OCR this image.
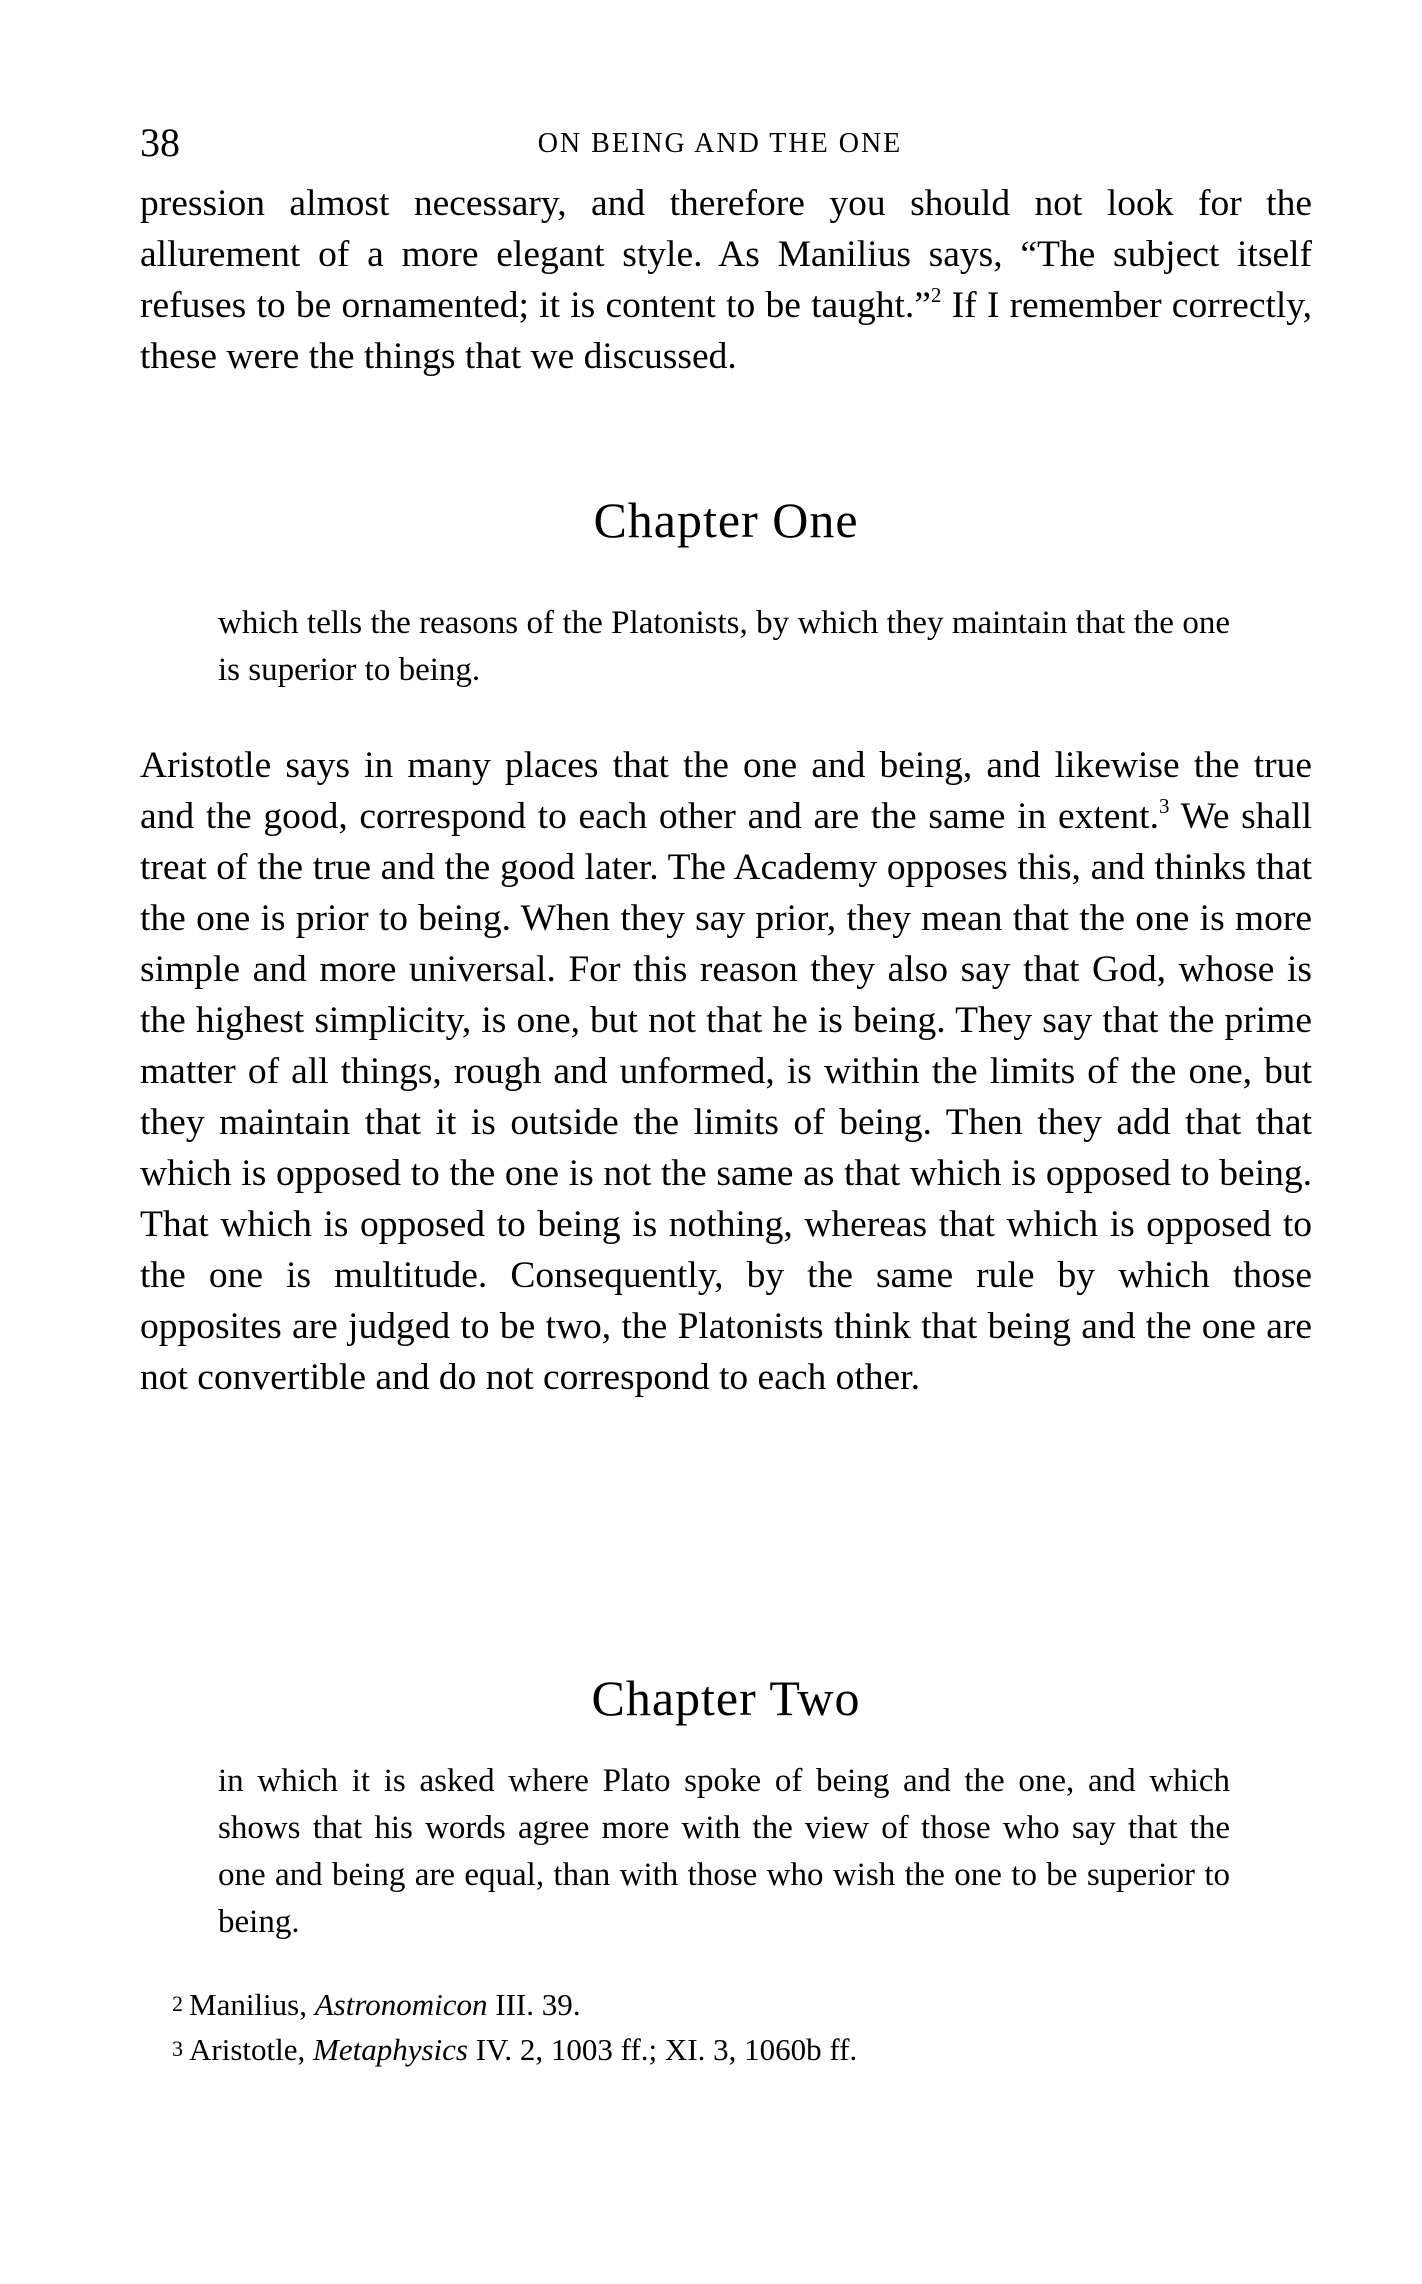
38	ON BEING AND THE ONE

pression almost necessary, and therefore you should not look for the allurement of a more elegant style. As Manilius says, “The subject itself refuses to be ornamented; it is content to be taught.”$^2$ If I remember correctly, these were the things that we discussed.

Chapter One

which tells the reasons of the Platonists, by which they maintain that the one is superior to being.

Aristotle says in many places that the one and being, and likewise the true and the good, correspond to each other and are the same in extent.$^3$ We shall treat of the true and the good later. The Academy opposes this, and thinks that the one is prior to being. When they say prior, they mean that the one is more simple and more universal. For this reason they also say that God, whose is the highest simplicity, is one, but not that he is being. They say that the prime matter of all things, rough and unformed, is within the limits of the one, but they maintain that it is outside the limits of being. Then they add that that which is opposed to the one is not the same as that which is opposed to being. That which is opposed to being is nothing, whereas that which is opposed to the one is multitude. Consequently, by the same rule by which those opposites are judged to be two, the Platonists think that being and the one are not convertible and do not correspond to each other.

Chapter Two

in which it is asked where Plato spoke of being and the one, and which shows that his words agree more with the view of those who say that the one and being are equal, than with those who wish the one to be superior to being.

2 Manilius, Astronomicon III. 39.

3 Aristotle, Metaphysics IV. 2, 1003 ff.; XI. 3, 1060b ff.
